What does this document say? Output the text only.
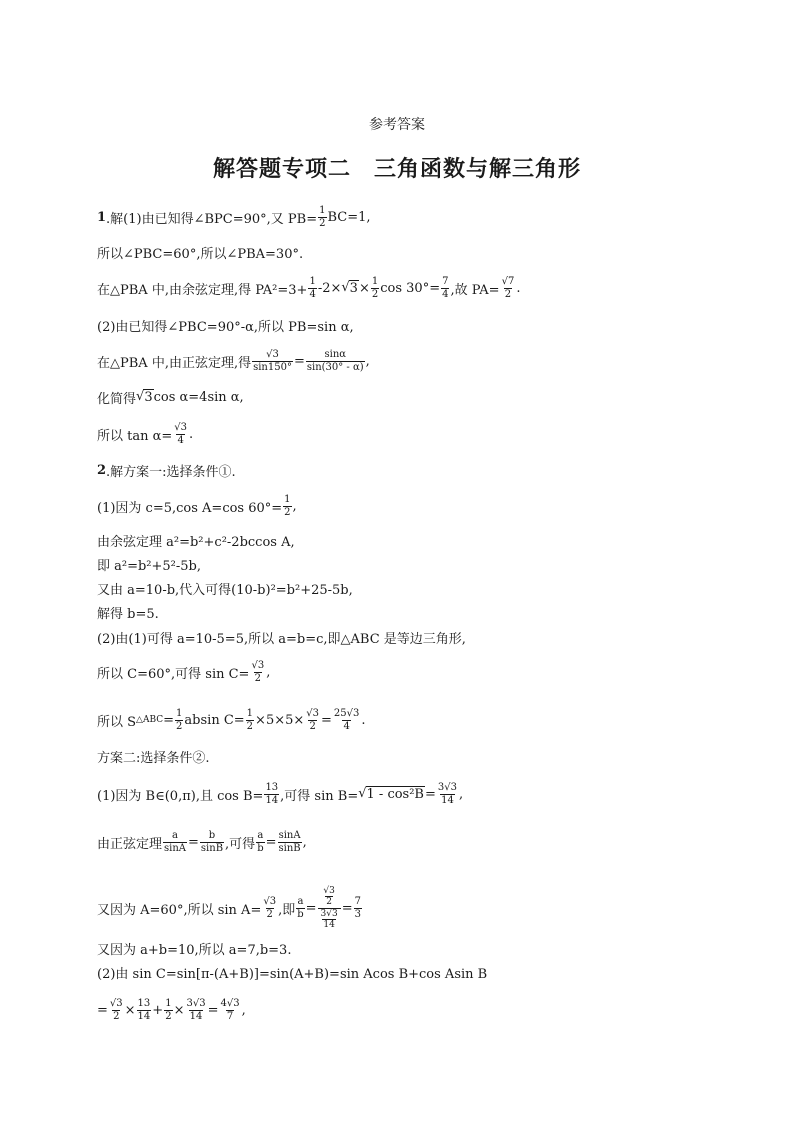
参考答案
解答题专项二　三角函数与解三角形
1 .解(1)由已知得∠BPC=90°,又 $PB= \frac{1}{2} BC=1$,
所以∠PBC=60°,所以∠PBA=30°.
在△PBA 中,由余弦定理,得 $PA^2=3+ \frac{1}{4} -2\times$ √ $3 \times \frac{1}{2}$ $\cos 30^\circ= \frac{7}{4}$ ,故 $PA= \frac{√7}{2}$ .
(2)由已知得∠PBC=90°-α,所以 PB=sin α,
在△PBA 中,由正弦定理,得 $\frac{√3}{\sin 150^\circ} = \frac{\sin\alpha}{\sin(30^\circ - \alpha)}$ ,
化简得 √ 3 cos α=4sin α,
所以 $\tan \alpha= \frac{√3}{4}$ .
2 .解方案一:选择条件①.
(1)因为 c=5,cos A=cos $60^\circ= \frac{1}{2}$ ,
由余弦定理 a²=b²+c²-2bccos A,
即 a²=b²+5²-5b,
又由 a=10-b,代入可得(10-b)²=b²+25-5b,
解得 b=5.
(2)由(1)可得 a=10-5=5,所以 a=b=c,即△ABC 是等边三角形,
所以 C=60°,可得 $\sin C= \frac{√3}{2}$ ,
所以 S △ABC = $\frac{1}{2}$ absin $C= \frac{1}{2} \times 5\times 5\times \frac{√3}{2} = \frac{25√3}{4}$ .
方案二:选择条件②.
(1)因为 B∈(0,π),且 $\cos B= \frac{13}{14}$ ,可得 sin B= √ $1 - \cos^2B = \frac{3√3}{14}$ ,
由正弦定理 $\frac{a}{\sin A} = \frac{b}{\sin B}$ ,可得 $\frac{a}{b} = \frac{\sin A}{\sin B}$ ,
又因为 A=60°,所以 $\sin A= \frac{√3}{2}$ ,即 $\frac{a}{b} = \frac{\frac{√3}{2}}{\frac{3√3}{14}} = \frac{7}{3}$
又因为 a+b=10,所以 a=7,b=3.
(2)由 sin C=sin[π-(A+B)]=sin(A+B)=sin Acos B+cos Asin B
= $\frac{√3}{2} \times \frac{13}{14} + \frac{1}{2} \times \frac{3√3}{14} = \frac{4√3}{7}$ ,
